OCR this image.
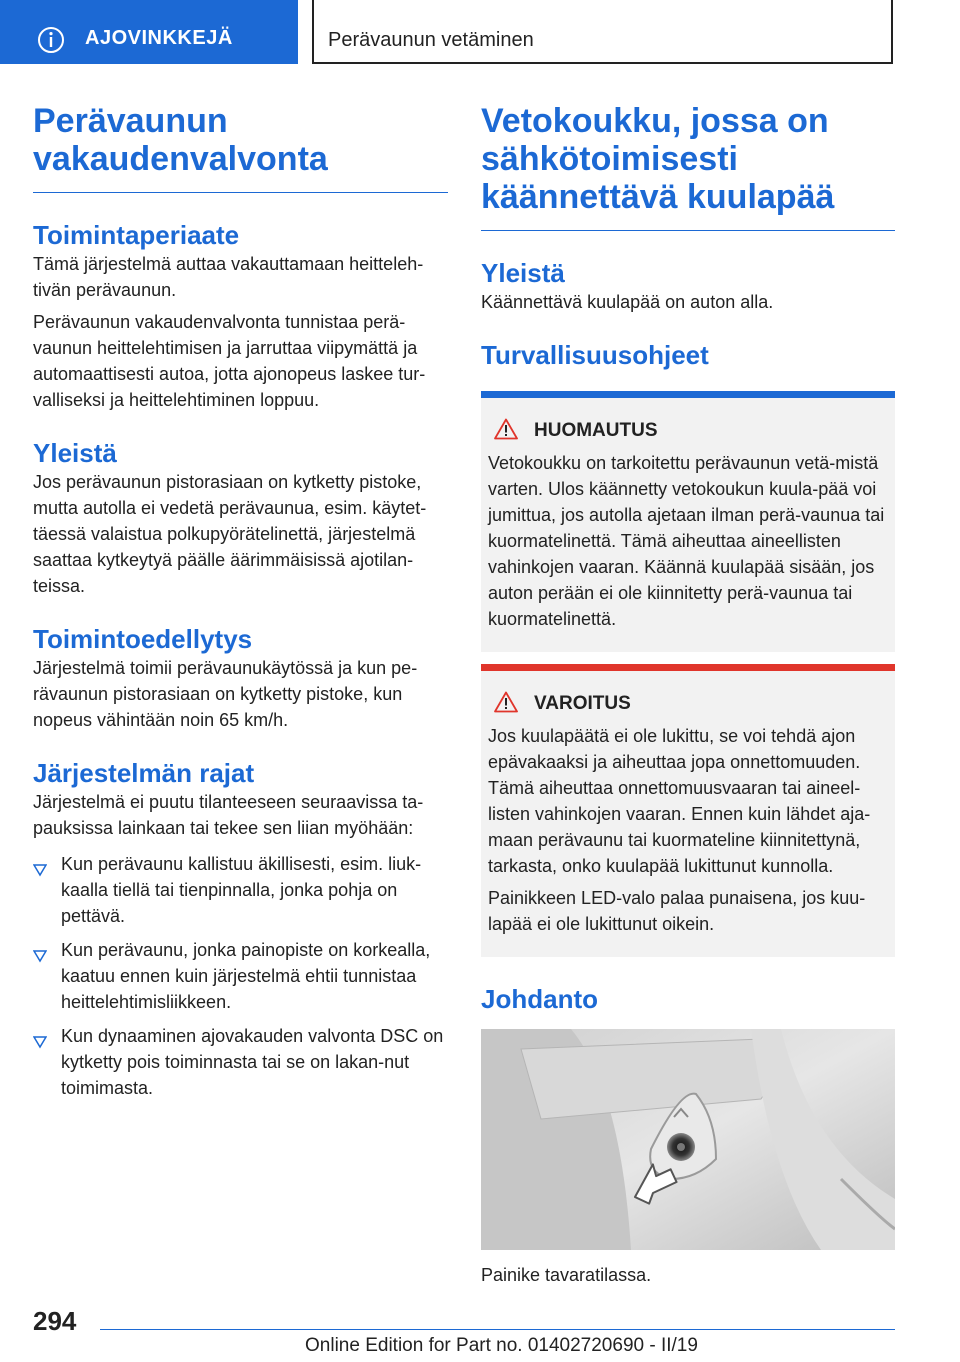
AJOVINKKEJÄ	Perävaunun vetäminen
Perävaunun vakaudenvalvonta
Toimintaperiaate

Tämä järjestelmä auttaa vakauttamaan heitteleh-tivän perävaunun.

Perävaunun vakaudenvalvonta tunnistaa perä-vaunun heittelehtimisen ja jarruttaa viipymättä ja automaattisesti autoa, jotta ajonopeus laskee tur-valliseksi ja heittelehtiminen loppuu.

Yleistä

Jos perävaunun pistorasiaan on kytketty pistoke, mutta autolla ei vedetä perävaunua, esim. käytet-täessä valaistua polkupyörätelinettä, järjestelmä saattaa kytkeytyä päälle äärimmäisissä ajotilan-teissa.

Toimintoedellytys

Järjestelmä toimii perävaunukäytössä ja kun pe-rävaunun pistorasiaan on kytketty pistoke, kun nopeus vähintään noin 65 km/h.

Järjestelmän rajat

Järjestelmä ei puutu tilanteeseen seuraavissa ta-pauksissa lainkaan tai tekee sen liian myöhään:

Kun perävaunu kallistuu äkillisesti, esim. liuk-kaalla tiellä tai tienpinnalla, jonka pohja on pettävä.
Kun perävaunu, jonka painopiste on korkealla, kaatuu ennen kuin järjestelmä ehtii tunnistaa heittelehtimisliikkeen.
Kun dynaaminen ajovakauden valvonta DSC on kytketty pois toiminnasta tai se on lakan-nut toimimasta.
Vetokoukku, jossa on sähkötoimisesti käännettävä kuulapää
Yleistä

Käännettävä kuulapää on auton alla.

Turvallisuusohjeet
HUOMAUTUS

Vetokoukku on tarkoitettu perävaunun vetä-mistä varten. Ulos käännetty vetokoukun kuula-pää voi jumittua, jos autolla ajetaan ilman perä-vaunua tai kuormatelinettä. Tämä aiheuttaa aineellisten vahinkojen vaaran. Käännä kuulapää sisään, jos auton perään ei ole kiinnitetty perä-vaunua tai kuormatelinettä.

VAROITUS

Jos kuulapäätä ei ole lukittu, se voi tehdä ajon epävakaaksi ja aiheuttaa jopa onnettomuuden. Tämä aiheuttaa onnettomuusvaaran tai aineel-listen vahinkojen vaaran. Ennen kuin lähdet aja-maan perävaunu tai kuormateline kiinnitettynä, tarkasta, onko kuulapää lukittunut kunnolla.

Painikkeen LED-valo palaa punaisena, jos kuu-lapää ei ole lukittunut oikein.

Johdanto

Painike tavaratilassa.

294
Online Edition for Part no. 01402720690 - II/19
